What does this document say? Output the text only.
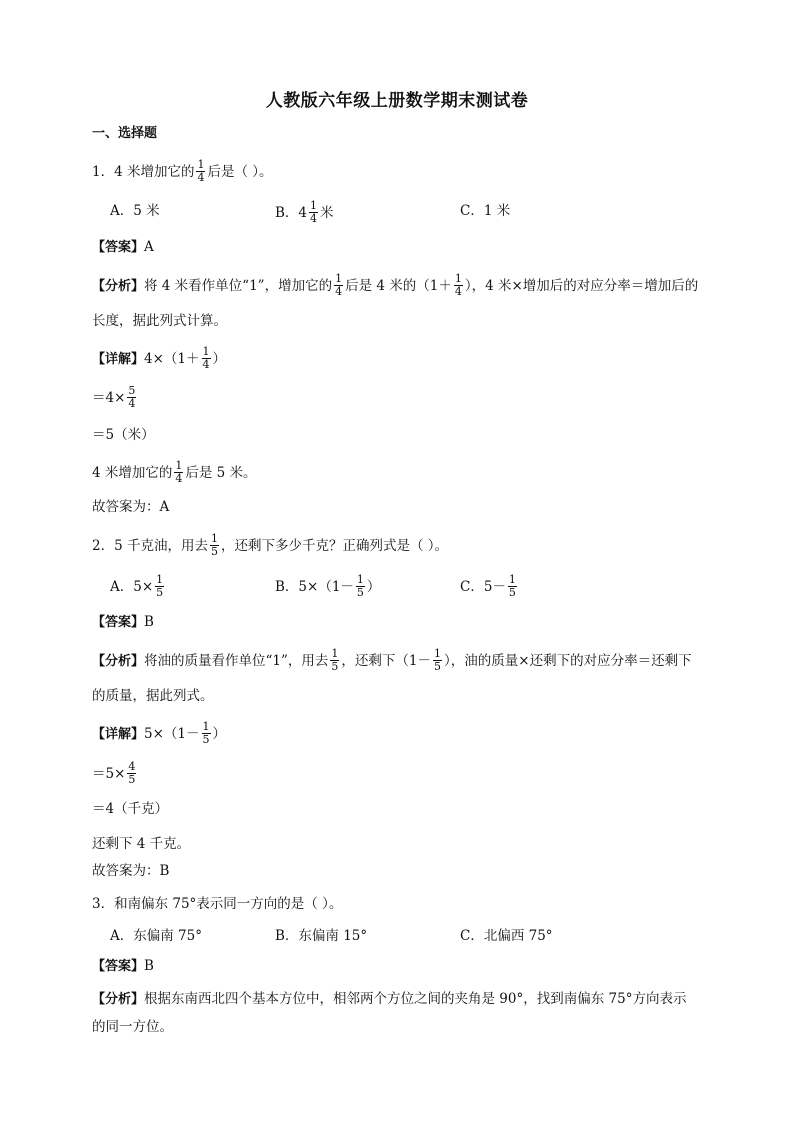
人教版六年级上册数学期末测试卷
一、选择题
1．4 米增加它的 $\frac{1}{4}$ 后是（ ）。
A．5 米	B．$4 \frac{1}{4}$ 米	C．1 米
【答案】A
【分析】将 4 米看作单位“1”，增加它的 $\frac{1}{4}$ 后是 4 米的（$1+ \frac{1}{4}$ ），4 米×增加后的对应分率＝增加后的
长度，据此列式计算。
【详解】$4\times(1+ \frac{1}{4}$ ）
$=4\times \frac{5}{4}$
＝5（米）
4 米增加它的 $\frac{1}{4}$ 后是 5 米。
故答案为：A
2．5 千克油，用去 $\frac{1}{5}$ ，还剩下多少千克？正确列式是（ ）。
A．$5\times \frac{1}{5}$	B．$5\times(1- \frac{1}{5}$ ）	C．$5- \frac{1}{5}$
【答案】B
【分析】将油的质量看作单位“1”，用去 $\frac{1}{5}$ ，还剩下（$1- \frac{1}{5}$ ），油的质量×还剩下的对应分率＝还剩下
的质量，据此列式。
【详解】$5\times(1- \frac{1}{5}$ ）
$=5\times \frac{4}{5}$
＝4（千克）
还剩下 4 千克。
故答案为：B
3．和南偏东 75°表示同一方向的是（ ）。
A．东偏南 75°	B．东偏南 15°	C．北偏西 75°
【答案】B
【分析】根据东南西北四个基本方位中，相邻两个方位之间的夹角是 90°，找到南偏东 75°方向表示
的同一方位。
